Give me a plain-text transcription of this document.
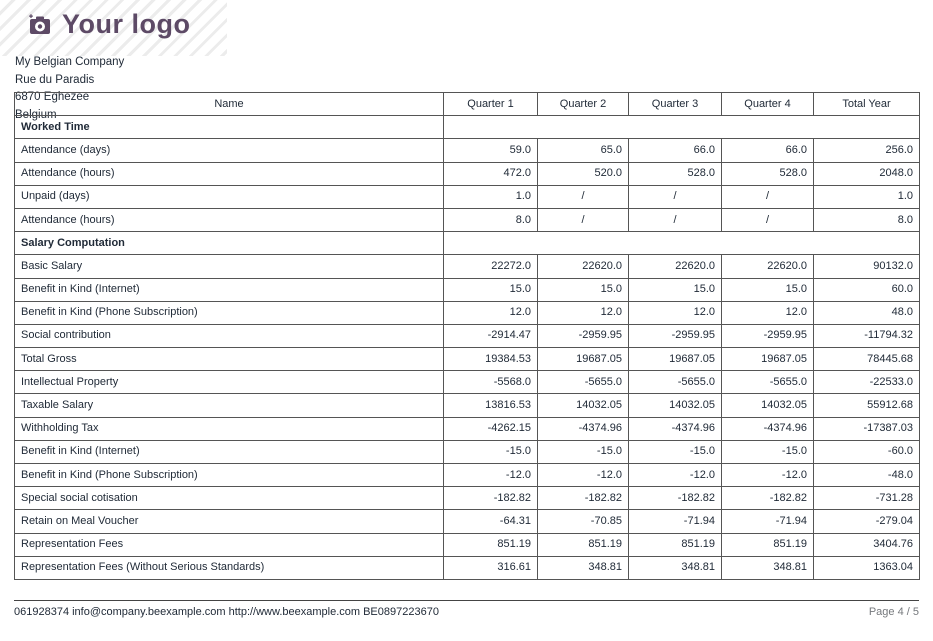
Your logo
My Belgian Company
Rue du Paradis
6870 Eghezee
Belgium
Name	Quarter 1	Quarter 2	Quarter 3	Quarter 4	Total Year
Worked Time					
Attendance (days)	59.0	65.0	66.0	66.0	256.0
Attendance (hours)	472.0	520.0	528.0	528.0	2048.0
Unpaid (days)	1.0	/	/	/	1.0
Attendance (hours)	8.0	/	/	/	8.0
Salary Computation					
Basic Salary	22272.0	22620.0	22620.0	22620.0	90132.0
Benefit in Kind (Internet)	15.0	15.0	15.0	15.0	60.0
Benefit in Kind (Phone Subscription)	12.0	12.0	12.0	12.0	48.0
Social contribution	-2914.47	-2959.95	-2959.95	-2959.95	-11794.32
Total Gross	19384.53	19687.05	19687.05	19687.05	78445.68
Intellectual Property	-5568.0	-5655.0	-5655.0	-5655.0	-22533.0
Taxable Salary	13816.53	14032.05	14032.05	14032.05	55912.68
Withholding Tax	-4262.15	-4374.96	-4374.96	-4374.96	-17387.03
Benefit in Kind (Internet)	-15.0	-15.0	-15.0	-15.0	-60.0
Benefit in Kind (Phone Subscription)	-12.0	-12.0	-12.0	-12.0	-48.0
Special social cotisation	-182.82	-182.82	-182.82	-182.82	-731.28
Retain on Meal Voucher	-64.31	-70.85	-71.94	-71.94	-279.04
Representation Fees	851.19	851.19	851.19	851.19	3404.76
Representation Fees (Without Serious Standards)	316.61	348.81	348.81	348.81	1363.04
061928374 info@company.beexample.com http://www.beexample.com BE0897223670	Page 4 / 5
